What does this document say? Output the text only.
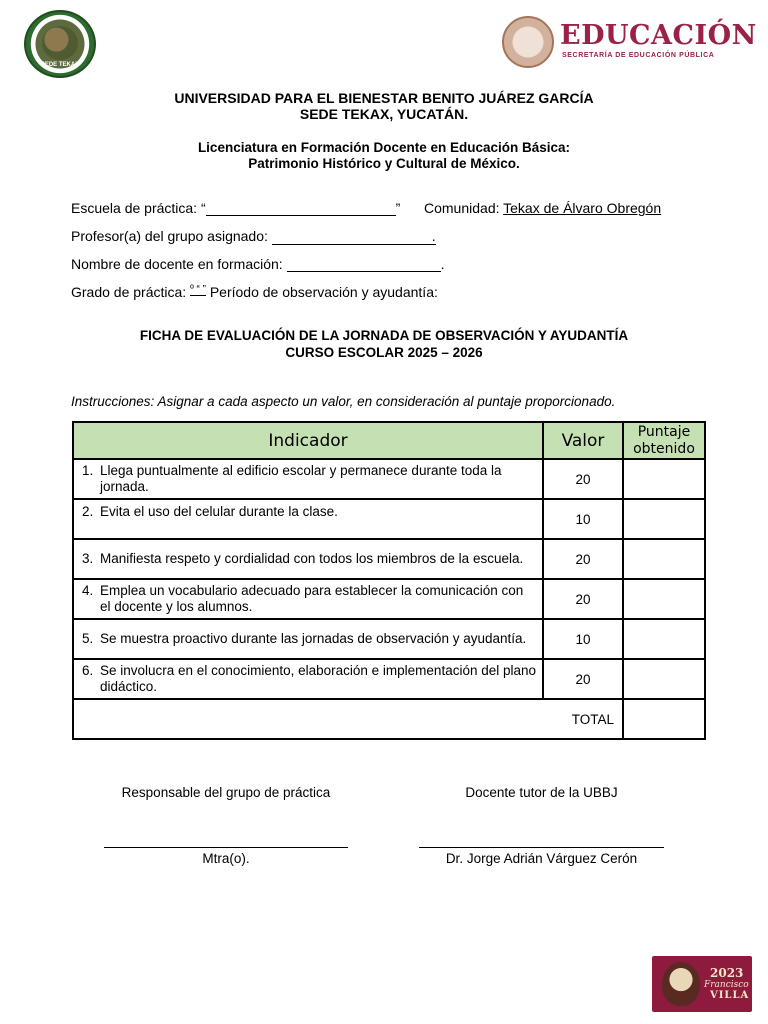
SEDE TEKAX
EDUCACIÓN
SECRETARÍA DE EDUCACIÓN PÚBLICA
UNIVERSIDAD PARA EL BIENESTAR BENITO JUÁREZ GARCÍA
SEDE TEKAX, YUCATÁN.
Licenciatura en Formación Docente en Educación Básica:
Patrimonio Histórico y Cultural de México.
Escuela de práctica: “	” Comunidad: Tekax de Álvaro Obregón
Profesor(a) del grupo asignado:	.
Nombre de docente en formación:	.
Grado de práctica: $^{º “ ”}$ Período de observación y ayudantía:
FICHA DE EVALUACIÓN DE LA JORNADA DE OBSERVACIÓN Y AYUDANTÍA
CURSO ESCOLAR 2025 – 2026
Instrucciones: Asignar a cada aspecto un valor, en consideración al puntaje proporcionado.
Indicador	Valor	Puntaje obtenido

1. Llega puntualmente al edificio escolar y permanece durante toda la jornada.	20	

2. Evita el uso del celular durante la clase.	10	

3. Manifiesta respeto y cordialidad con todos los miembros de la escuela.	20	

4. Emplea un vocabulario adecuado para establecer la comunicación con el docente y los alumnos.	20	

5. Se muestra proactivo durante las jornadas de observación y ayudantía.	10	

6. Se involucra en el conocimiento, elaboración e implementación del plano didáctico.	20	
TOTAL		
Responsable del grupo de práctica
Mtra(o).
Docente tutor de la UBBJ
Dr. Jorge Adrián Várguez Cerón
2023
Francisco
VILLA
